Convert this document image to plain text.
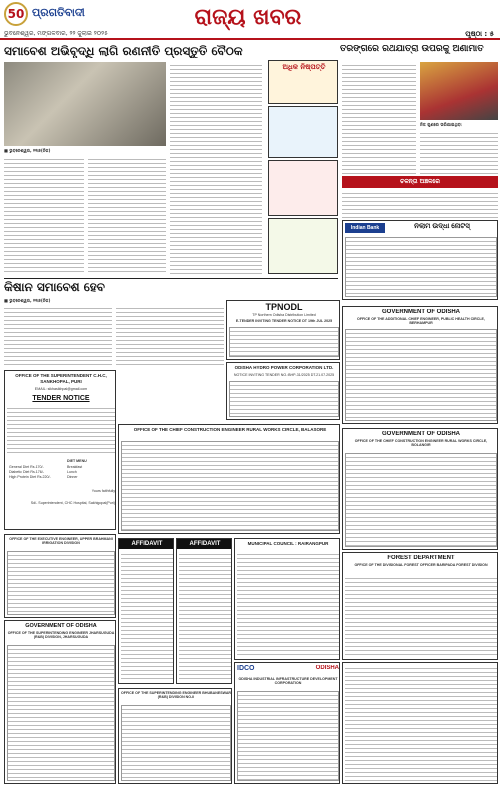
50 ପ୍ରଗତିବାଦୀ	ରାଜ୍ୟ ଖବର
ଭୁବନେଶ୍ୱର, ମଙ୍ଗଳବାର, ୨୨ ଜୁଲାଇ ୨୦୨୫	ପୃଷ୍ଠା : ୫
ସମାବେଶ ଅଭିବୃଦ୍ଧି ଲାଗି ରଣନୀତି ପ୍ରସ୍ତୁତି ବୈଠକ
■ ଭୁବନେଶ୍ୱର, ୨୧ା୭(ନିଜ)
ଅଧିକ ନିଷ୍ପତ୍ତି
ତରଙ୍ଗରେ ରଥଯାତ୍ରା ଉପରକୁ ଅଣାମାତ
ନିଜ ଗୁଣରେ ଭରିଯାଇଥିବା
ଚଳନ୍ତା ଅଞ୍ଚଳରେ
Indian Bank	ନିଲାମ ଉଦ୍ଧା ନୋଟିସ୍
କିଷାନ ସମାବେଶ ହେବ
■ ଭୁବନେଶ୍ୱର, ୨୧ା୭(ନିଜ)
TPNODL
TP Northern Odisha Distribution Limited
E-TENDER INVITING TENDER NOTICE DT 19th JUL 2025
ODISHA HYDRO POWER CORPORATION LTD.
NOTICE INVITING TENDER NO.:BHP-31/2025 DT.21.07.2025
GOVERNMENT OF ODISHA
OFFICE OF THE ADDITIONAL CHIEF ENGINEER, PUBLIC HEALTH CIRCLE, BERHAMPUR
OFFICE OF THE SUPERINTENDENT C.H.C, SANKHOPAL, PURI
EMAIL: sikhasikhpal@gmail.com
TENDER NOTICE
DIET MENU
Breakfast
Lunch
Dinner
General Diet Rs.170/-
Diabetic Diet Rs.176/-
High Protein Diet Rs.220/-
Yours faithfully
Sd/- Superintendent, CHC Hospital, Sakhigopal(Puri)
OFFICE OF THE CHIEF CONSTRUCTION ENGINEER RURAL WORKS CIRCLE, BALASORE
GOVERNMENT OF ODISHA
OFFICE OF THE CHIEF CONSTRUCTION ENGINEER RURAL WORKS CIRCLE, BOLANGIR
OFFICE OF THE EXECUTIVE ENGINEER, UPPER BRAHMANI IRRIGATION DIVISION	AFFIDAVIT	AFFIDAVIT	MUNICIPAL COUNCIL : RAIRANGPUR
FOREST DEPARTMENT
OFFICE OF THE DIVISIONAL FOREST OFFICER BARIPADA FOREST DIVISION
GOVERNMENT OF ODISHA
OFFICE OF THE SUPERINTENDING ENGINEER JHARSUGUDA (R&B) DIVISION, JHARSUGUDA
OFFICE OF THE SUPERINTENDING ENGINEER BHUBANESWAR (R&B) DIVISION NO-II
IDCO	ODISHA
ODISHA INDUSTRIAL INFRASTRUCTURE DEVELOPMENT CORPORATION
